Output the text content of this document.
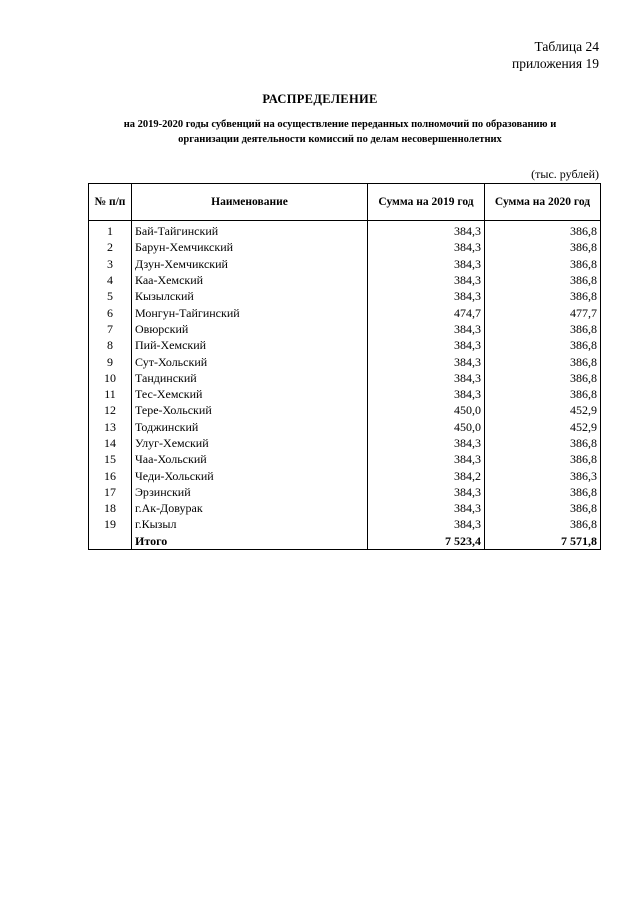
Таблица 24
приложения 19
РАСПРЕДЕЛЕНИЕ
на 2019-2020 годы субвенций на осуществление переданных полномочий по образованию и
организации деятельности комиссий по делам несовершеннолетних
(тыс. рублей)
№ п/п	Наименование	Сумма на 2019 год	Сумма на 2020 год
1	Бай-Тайгинский	384,3	386,8
2	Барун-Хемчикский	384,3	386,8
3	Дзун-Хемчикский	384,3	386,8
4	Каа-Хемский	384,3	386,8
5	Кызылский	384,3	386,8
6	Монгун-Тайгинский	474,7	477,7
7	Овюрский	384,3	386,8
8	Пий-Хемский	384,3	386,8
9	Сут-Хольский	384,3	386,8
10	Тандинский	384,3	386,8
11	Тес-Хемский	384,3	386,8
12	Тере-Хольский	450,0	452,9
13	Тоджинский	450,0	452,9
14	Улуг-Хемский	384,3	386,8
15	Чаа-Хольский	384,3	386,8
16	Чеди-Хольский	384,2	386,3
17	Эрзинский	384,3	386,8
18	г.Ак-Довурак	384,3	386,8
19	г.Кызыл	384,3	386,8
	Итого	7 523,4	7 571,8
